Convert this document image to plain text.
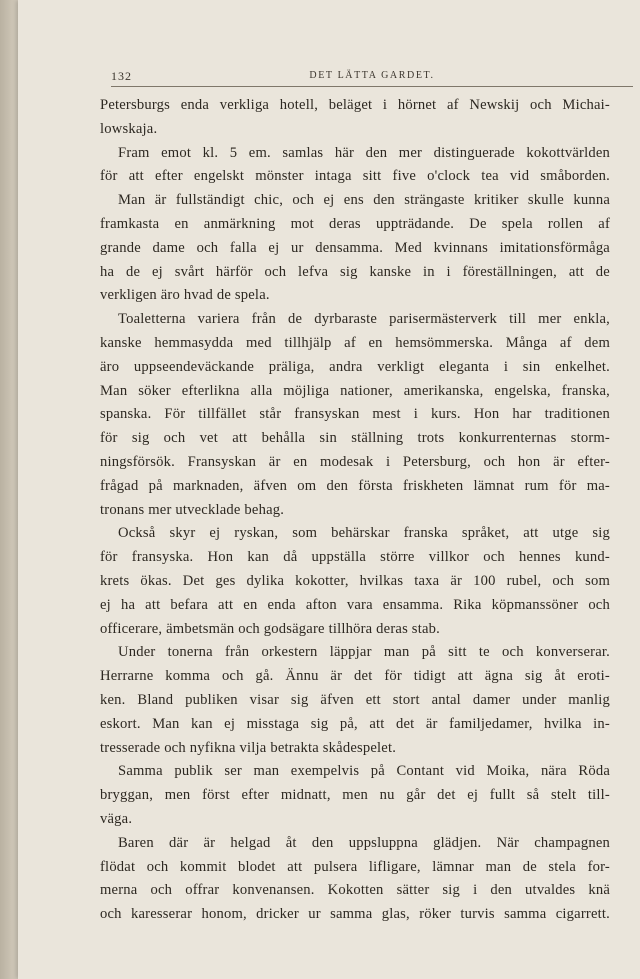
132	DET LÄTTA GARDET.
Petersburgs enda verkliga hotell, beläget i hörnet af Newskij och Michai-
lowskaja.
Fram emot kl. 5 em. samlas här den mer distinguerade kokottvärlden
för att efter engelskt mönster intaga sitt five o'clock tea vid småborden.
Man är fullständigt chic, och ej ens den strängaste kritiker skulle kunna
framkasta en anmärkning mot deras uppträdande. De spela rollen af
grande dame och falla ej ur densamma. Med kvinnans imitationsförmåga
ha de ej svårt härför och lefva sig kanske in i föreställningen, att de
verkligen äro hvad de spela.
Toaletterna variera från de dyrbaraste parisermästerverk till mer enkla,
kanske hemmasydda med tillhjälp af en hemsömmerska. Många af dem
äro uppseendeväckande präliga, andra verkligt eleganta i sin enkelhet.
Man söker efterlikna alla möjliga nationer, amerikanska, engelska, franska,
spanska. För tillfället står fransyskan mest i kurs. Hon har traditionen
för sig och vet att behålla sin ställning trots konkurrenternas storm-
ningsförsök. Fransyskan är en modesak i Petersburg, och hon är efter-
frågad på marknaden, äfven om den första friskheten lämnat rum för ma-
tronans mer utvecklade behag.
Också skyr ej ryskan, som behärskar franska språket, att utge sig
för fransyska. Hon kan då uppställa större villkor och hennes kund-
krets ökas. Det ges dylika kokotter, hvilkas taxa är 100 rubel, och som
ej ha att befara att en enda afton vara ensamma. Rika köpmanssöner och
officerare, ämbetsmän och godsägare tillhöra deras stab.
Under tonerna från orkestern läppjar man på sitt te och konverserar.
Herrarne komma och gå. Ännu är det för tidigt att ägna sig åt eroti-
ken. Bland publiken visar sig äfven ett stort antal damer under manlig
eskort. Man kan ej misstaga sig på, att det är familjedamer, hvilka in-
tresserade och nyfikna vilja betrakta skådespelet.
Samma publik ser man exempelvis på Contant vid Moika, nära Röda
bryggan, men först efter midnatt, men nu går det ej fullt så stelt till-
väga.
Baren där är helgad åt den uppsluppna glädjen. När champagnen
flödat och kommit blodet att pulsera lifligare, lämnar man de stela for-
merna och offrar konvenansen. Kokotten sätter sig i den utvaldes knä
och karesserar honom, dricker ur samma glas, röker turvis samma cigarrett.
